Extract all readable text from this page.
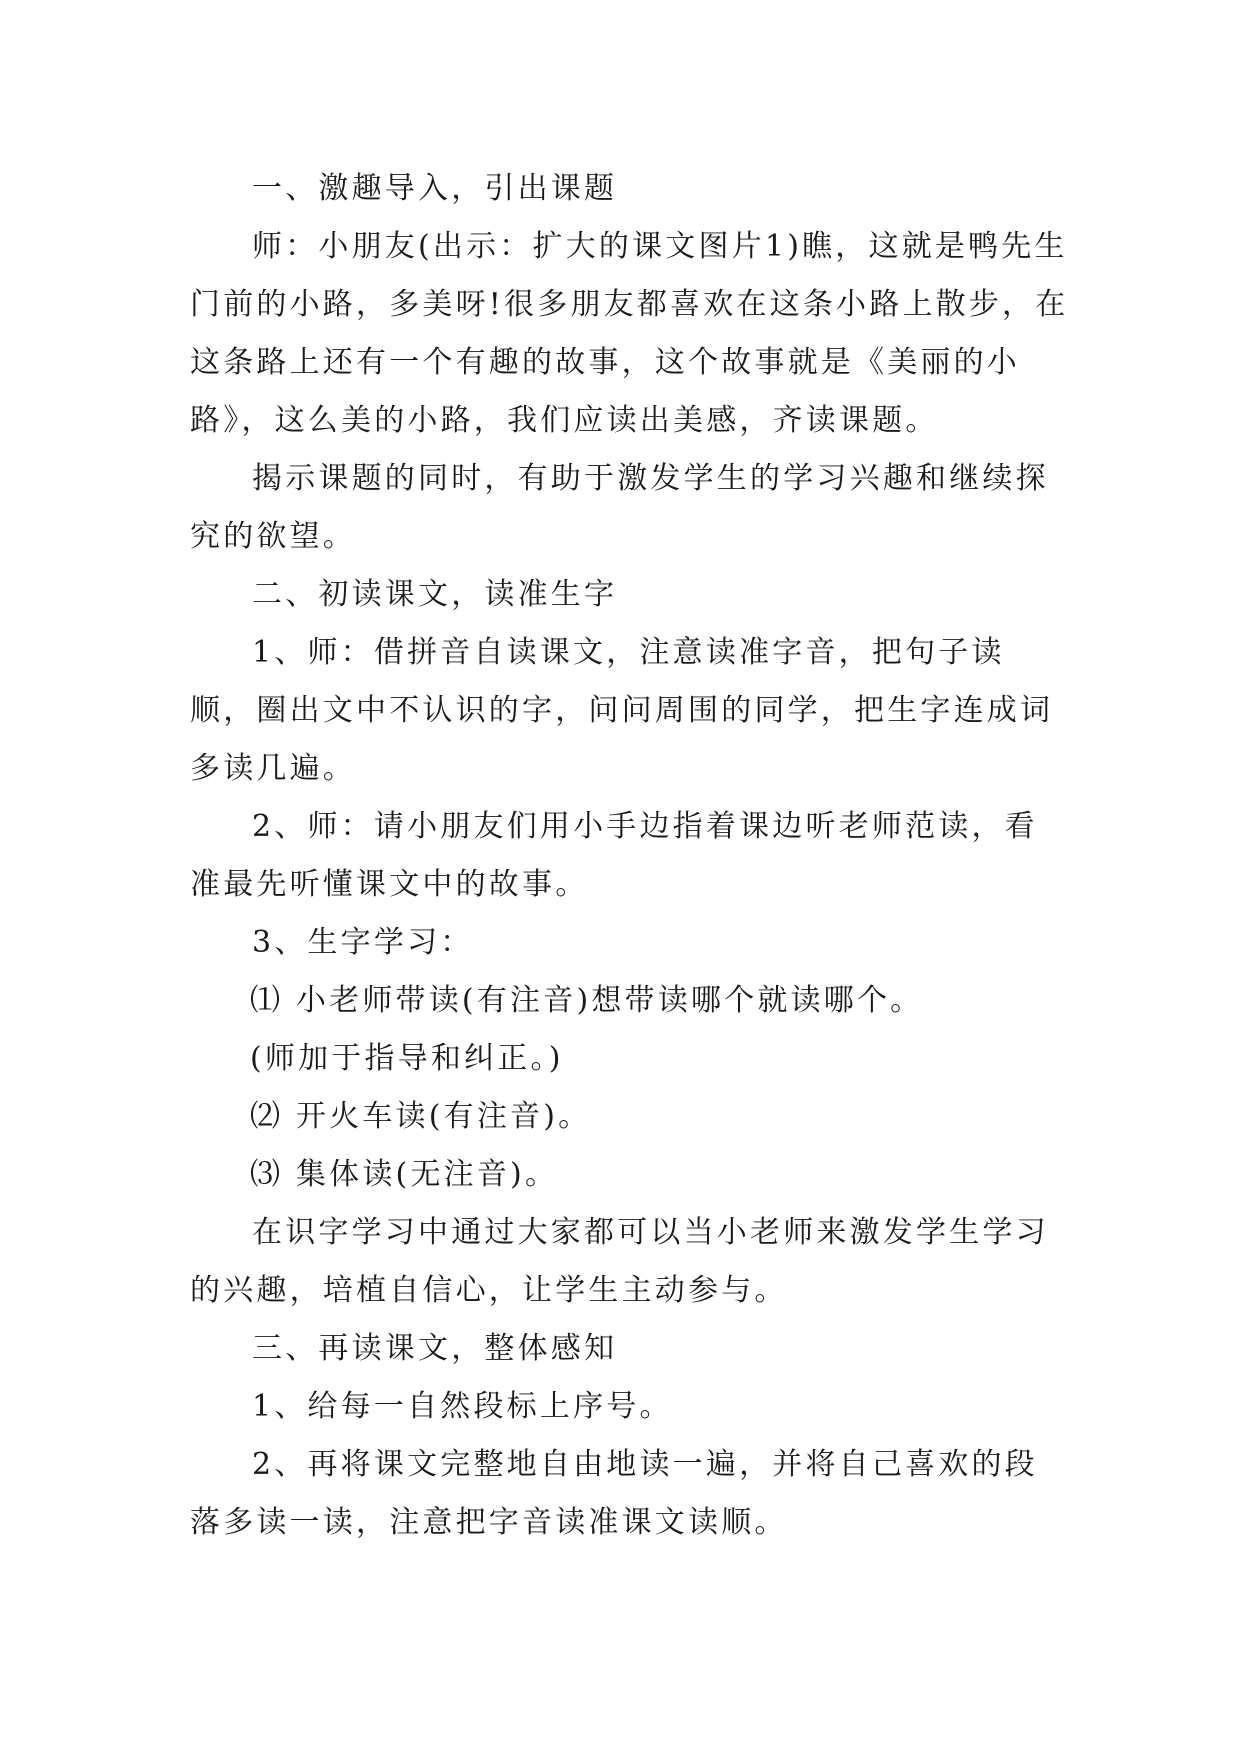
一、激趣导入，引出课题

师：小朋友(出示：扩大的课文图片1)瞧，这就是鸭先生门前的小路，多美呀!很多朋友都喜欢在这条小路上散步，在这条路上还有一个有趣的故事，这个故事就是《美丽的小路》，这么美的小路，我们应读出美感，齐读课题。

揭示课题的同时，有助于激发学生的学习兴趣和继续探究的欲望。

二、初读课文，读准生字

1、师：借拼音自读课文，注意读准字音，把句子读顺，圈出文中不认识的字，问问周围的同学，把生字连成词多读几遍。

2、师：请小朋友们用小手边指着课边听老师范读，看准最先听懂课文中的故事。

3、生字学习：

⑴ 小老师带读(有注音)想带读哪个就读哪个。

(师加于指导和纠正。)

⑵ 开火车读(有注音)。

⑶ 集体读(无注音)。

在识字学习中通过大家都可以当小老师来激发学生学习的兴趣，培植自信心，让学生主动参与。

三、再读课文，整体感知

1、给每一自然段标上序号。

2、再将课文完整地自由地读一遍，并将自己喜欢的段落多读一读，注意把字音读准课文读顺。
